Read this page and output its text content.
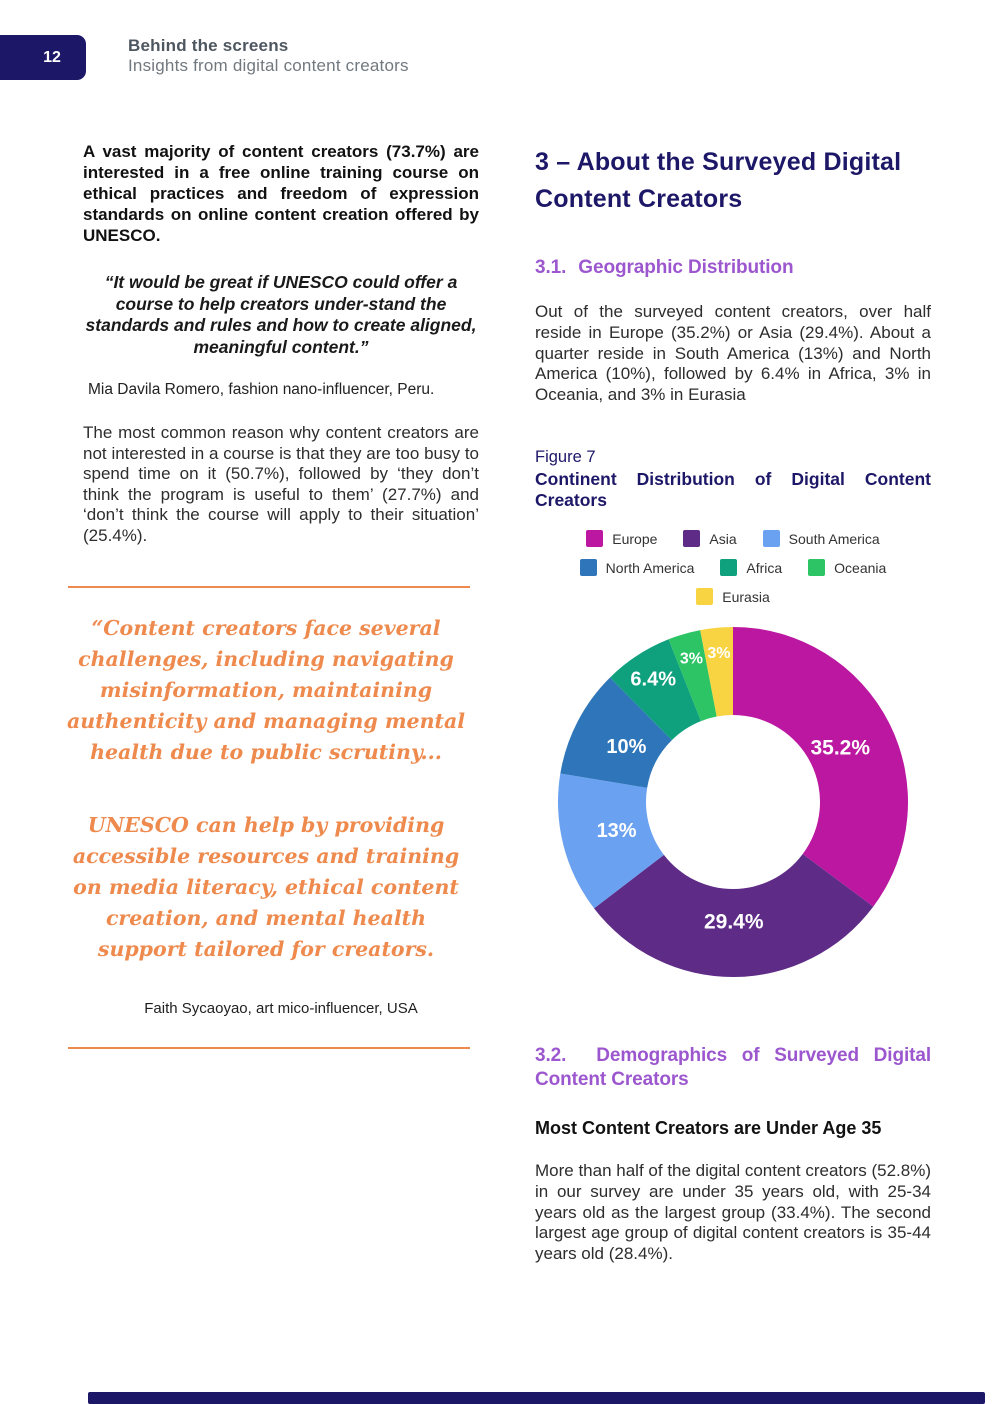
12
Behind the screens
Insights from digital content creators
A vast majority of content creators (73.7%) are interested in a free online training course on ethical practices and freedom of expression standards on online content creation offered by UNESCO.
“It would be great if UNESCO could offer a course to help creators under-stand the standards and rules and how to create aligned, meaningful content.”
Mia Davila Romero, fashion nano-influencer, Peru.
The most common reason why content creators are not interested in a course is that they are too busy to spend time on it (50.7%), followed by ‘they don’t think the program is useful to them’ (27.7%) and ‘don’t think the course will apply to their situation’ (25.4%).
“Content creators face several challenges, including navigating misinformation, maintaining authenticity and managing mental health due to public scrutiny...
UNESCO can help by providing accessible resources and training on media literacy, ethical content creation, and mental health support tailored for creators.
Faith Sycaoyao, art mico-influencer, USA
3 – About the Surveyed Digital Content Creators
3.1. Geographic Distribution
Out of the surveyed content creators, over half reside in Europe (35.2%) or Asia (29.4%). About a quarter reside in South America (13%) and North America (10%), followed by 6.4% in Africa, 3% in Oceania, and 3% in Eurasia
Figure 7
Continent Distribution of Digital Content Creators
Europe	Asia	South America
North America	Africa	Oceania
Eurasia
35.2%
29.4%
13%
10%
6.4%
3% 3%
3.2. Demographics of Surveyed Digital Content Creators
Most Content Creators are Under Age 35
More than half of the digital content creators (52.8%) in our survey are under 35 years old, with 25-34 years old as the largest group (33.4%). The second largest age group of digital content creators is 35-44 years old (28.4%).
